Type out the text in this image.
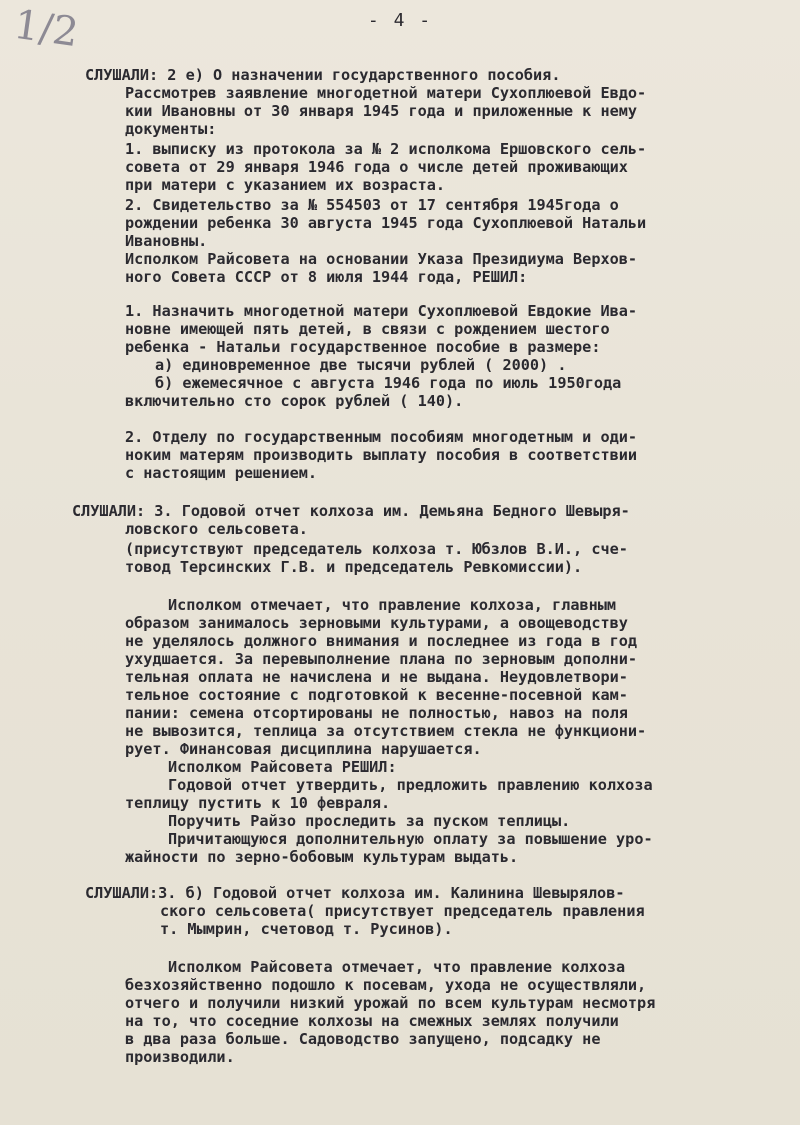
1/2	- 4 -
СЛУШАЛИ: 2 е) О назначении государственного пособия.
Рассмотрев заявление многодетной матери Сухоплюевой Евдо-
кии Ивановны от 30 января 1945 года и приложенные к нему
документы:
1. выписку из протокола за № 2 исполкома Ершовского сель-
совета от 29 января 1946 года о числе детей проживающих
при матери с указанием их возраста.
2. Свидетельство за № 554503 от 17 сентября 1945года о
рождении ребенка 30 августа 1945 года Сухоплюевой Натальи
Ивановны.
Исполком Райсовета на основании Указа Президиума Верхов-
ного Совета СССР от 8 июля 1944 года, РЕШИЛ:
1. Назначить многодетной матери Сухоплюевой Евдокие Ива-
новне имеющей пять детей, в связи с рождением шестого
ребенка - Натальи государственное пособие в размере:
а) единовременное две тысячи рублей ( 2000) .
б) ежемесячное с августа 1946 года по июль 1950года
включительно сто сорок рублей ( 140).
2. Отделу по государственным пособиям многодетным и оди-
ноким матерям производить выплату пособия в соответствии
с настоящим решением.
СЛУШАЛИ: 3. Годовой отчет колхоза им. Демьяна Бедного Шевыря-
ловского сельсовета.
(присутствуют председатель колхоза т. Юбзлов В.И., сче-
товод Терсинских Г.В. и председатель Ревкомиссии).
Исполком отмечает, что правление колхоза, главным
образом занималось зерновыми культурами, а овощеводству
не уделялось должного внимания и последнее из года в год
ухудшается. За перевыполнение плана по зерновым дополни-
тельная оплата не начислена и не выдана. Неудовлетвори-
тельное состояние с подготовкой к весенне-посевной кам-
пании: семена отсортированы не полностью, навоз на поля
не вывозится, теплица за отсутствием стекла не функциони-
рует. Финансовая дисциплина нарушается.
Исполком Райсовета РЕШИЛ:
Годовой отчет утвердить, предложить правлению колхоза
теплицу пустить к 10 февраля.
Поручить Райзо проследить за пуском теплицы.
Причитающуюся дополнительную оплату за повышение уро-
жайности по зерно-бобовым культурам выдать.
СЛУШАЛИ:3. б) Годовой отчет колхоза им. Калинина Шевырялов-
ского сельсовета( присутствует председатель правления
т. Мымрин, счетовод т. Русинов).
Исполком Райсовета отмечает, что правление колхоза
безхозяйственно подошло к посевам, ухода не осуществляли,
отчего и получили низкий урожай по всем культурам несмотря
на то, что соседние колхозы на смежных землях получили
в два раза больше. Садоводство запущено, подсадку не
производили.
